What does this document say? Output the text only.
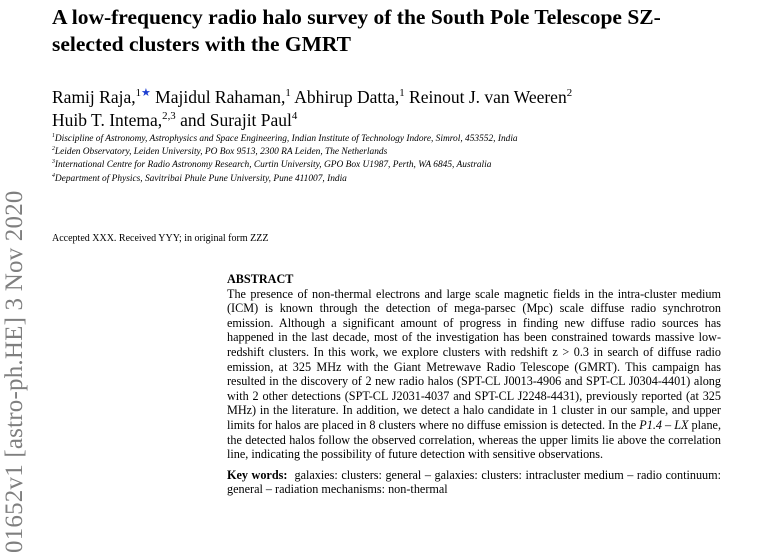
01652v1 [astro-ph.HE] 3 Nov 2020
A low-frequency radio halo survey of the South Pole Telescope SZ-selected clusters with the GMRT
Ramij Raja,$^{1★}$ Majidul Rahaman,$^1$ Abhirup Datta,$^1$ Reinout J. van Weeren$^2$
Huib T. Intema,$^{2,3}$ and Surajit Paul$^4$
$^1$Discipline of Astronomy, Astrophysics and Space Engineering, Indian Institute of Technology Indore, Simrol, 453552, India
$^2$Leiden Observatory, Leiden University, PO Box 9513, 2300 RA Leiden, The Netherlands
$^3$International Centre for Radio Astronomy Research, Curtin University, GPO Box U1987, Perth, WA 6845, Australia
$^4$Department of Physics, Savitribai Phule Pune University, Pune 411007, India
Accepted XXX. Received YYY; in original form ZZZ
ABSTRACT
The presence of non-thermal electrons and large scale magnetic fields in the intra-cluster medium (ICM) is known through the detection of mega-parsec (Mpc) scale diffuse radio synchrotron emission. Although a significant amount of progress in finding new diffuse radio sources has happened in the last decade, most of the investigation has been constrained towards massive low-redshift clusters. In this work, we explore clusters with redshift z > 0.3 in search of diffuse radio emission, at 325 MHz with the Giant Metrewave Radio Telescope (GMRT). This campaign has resulted in the discovery of 2 new radio halos (SPT-CL J0013-4906 and SPT-CL J0304-4401) along with 2 other detections (SPT-CL J2031-4037 and SPT-CL J2248-4431), previously reported (at 325 MHz) in the literature. In addition, we detect a halo candidate in 1 cluster in our sample, and upper limits for halos are placed in 8 clusters where no diffuse emission is detected. In the P1.4 – LX plane, the detected halos follow the observed correlation, whereas the upper limits lie above the correlation line, indicating the possibility of future detection with sensitive observations.
Key words: galaxies: clusters: general – galaxies: clusters: intracluster medium – radio continuum: general – radiation mechanisms: non-thermal
